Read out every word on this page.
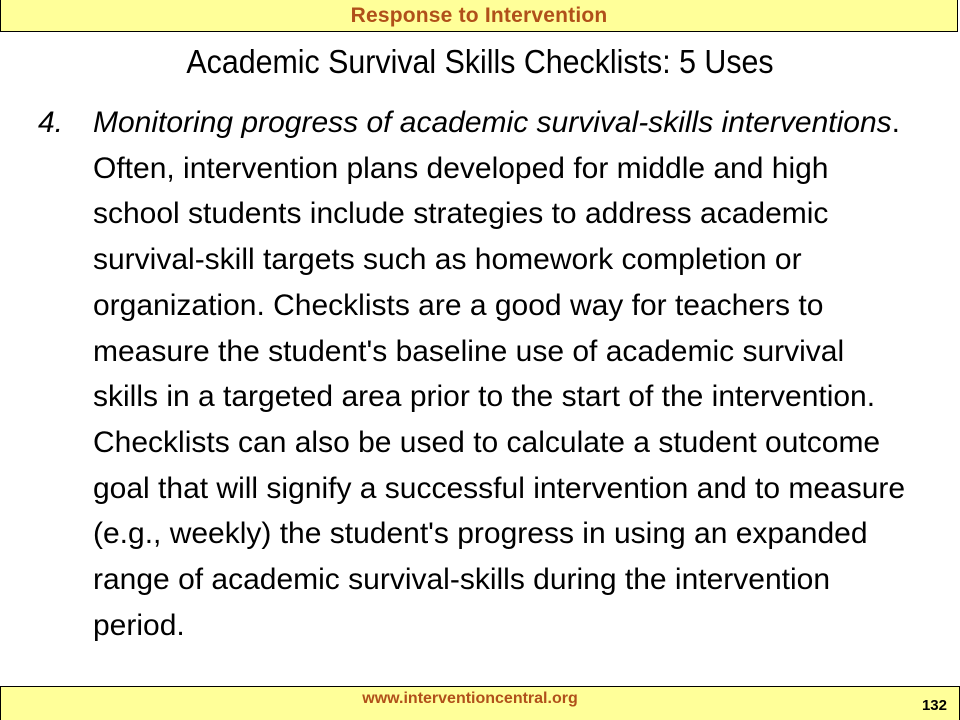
Response to Intervention
Academic Survival Skills Checklists: 5 Uses
4. Monitoring progress of academic survival-skills interventions.
Often, intervention plans developed for middle and high
school students include strategies to address academic
survival-skill targets such as homework completion or
organization. Checklists are a good way for teachers to
measure the student's baseline use of academic survival
skills in a targeted area prior to the start of the intervention.
Checklists can also be used to calculate a student outcome
goal that will signify a successful intervention and to measure
(e.g., weekly) the student's progress in using an expanded
range of academic survival-skills during the intervention
period.
www.interventioncentral.org	132
